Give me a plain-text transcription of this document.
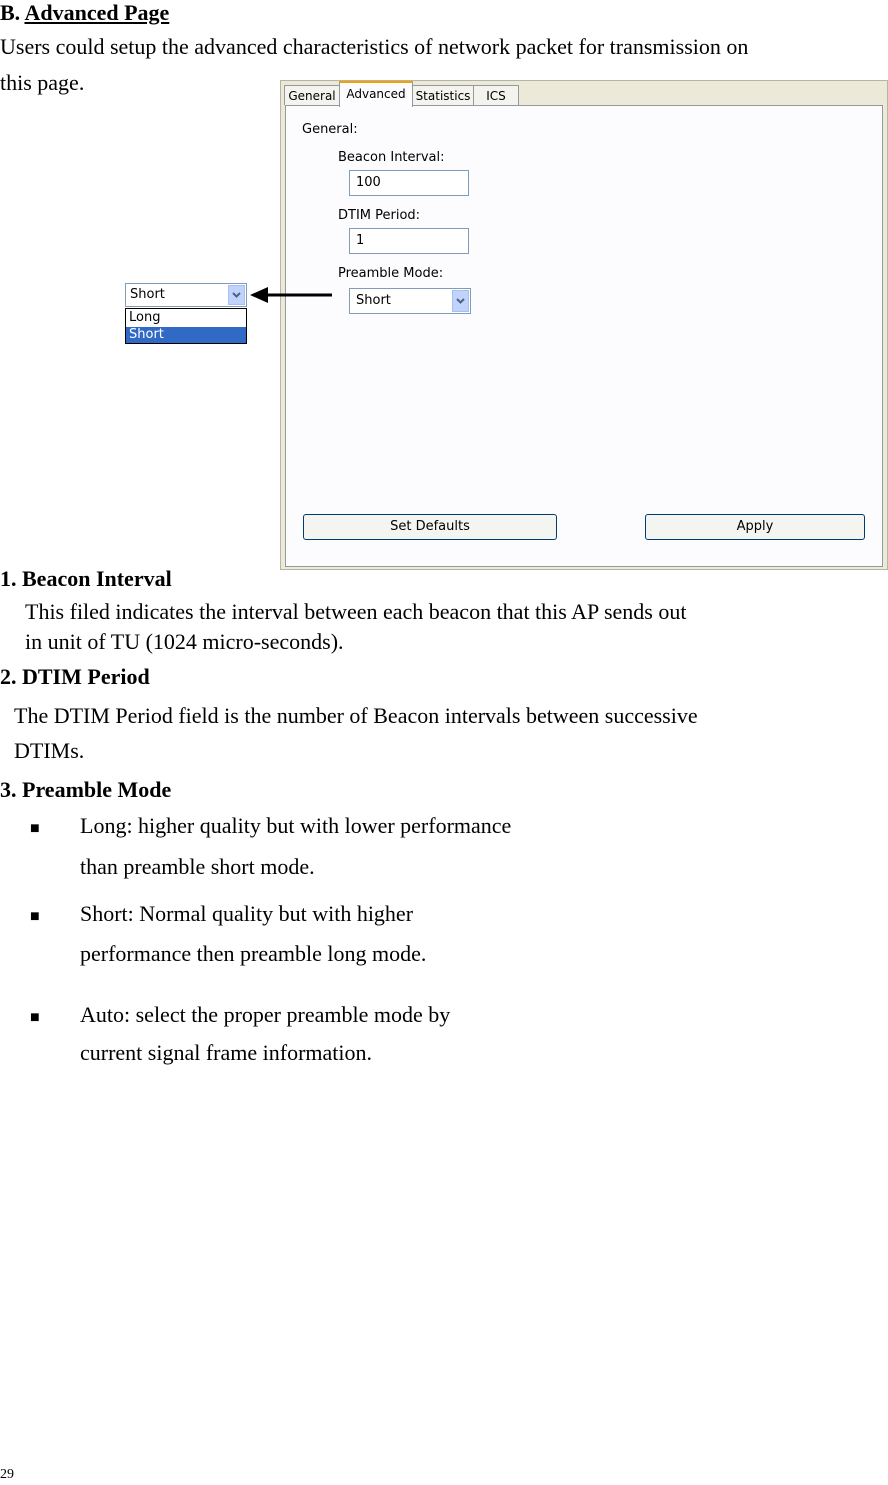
B. Advanced Page
Users could setup the advanced characteristics of network packet for transmission on
this page.
General Advanced Statistics	ICS
General:
Beacon Interval:
100
DTIM Period:
1
Preamble Mode:
Short
Set Defaults	Apply
Short
Long
Short
1. Beacon Interval
This filed indicates the interval between each beacon that this AP sends out
in unit of TU (1024 micro-seconds).
2. DTIM Period
The DTIM Period field is the number of Beacon intervals between successive
DTIMs.
3. Preamble Mode
■ Long: higher quality but with lower performance
than preamble short mode.
■ Short: Normal quality but with higher
performance then preamble long mode.
■ Auto: select the proper preamble mode by
current signal frame information.
29
